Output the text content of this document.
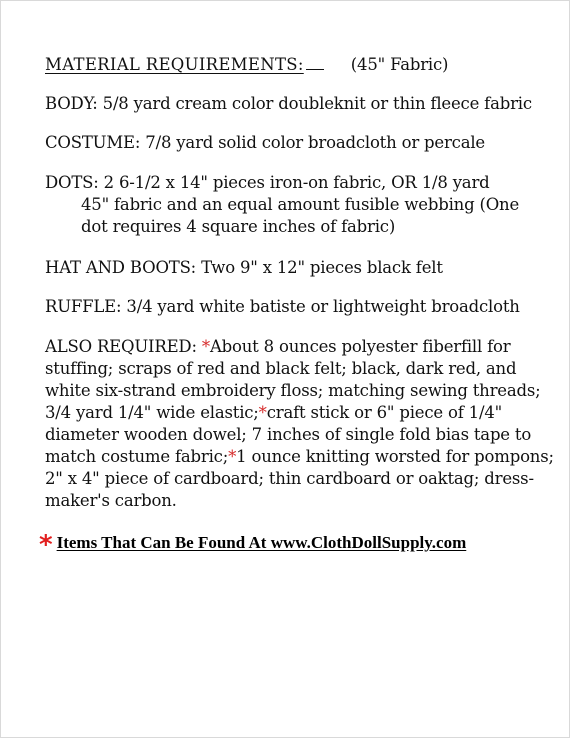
MATERIAL REQUIREMENTS:	(45" Fabric)
BODY: 5/8 yard cream color doubleknit or thin fleece fabric
COSTUME: 7/8 yard solid color broadcloth or percale
DOTS: 2 6-1/2 x 14" pieces iron-on fabric, OR 1/8 yard
45" fabric and an equal amount fusible webbing (One
dot requires 4 square inches of fabric)
HAT AND BOOTS: Two 9" x 12" pieces black felt
RUFFLE: 3/4 yard white batiste or lightweight broadcloth
ALSO REQUIRED: *About 8 ounces polyester fiberfill for
stuffing; scraps of red and black felt; black, dark red, and
white six-strand embroidery floss; matching sewing threads;
3/4 yard 1/4" wide elastic;*craft stick or 6" piece of 1/4"
diameter wooden dowel; 7 inches of single fold bias tape to
match costume fabric;*1 ounce knitting worsted for pompons;
2" x 4" piece of cardboard; thin cardboard or oaktag; dress-
maker's carbon.
* Items That Can Be Found At www.ClothDollSupply.com
